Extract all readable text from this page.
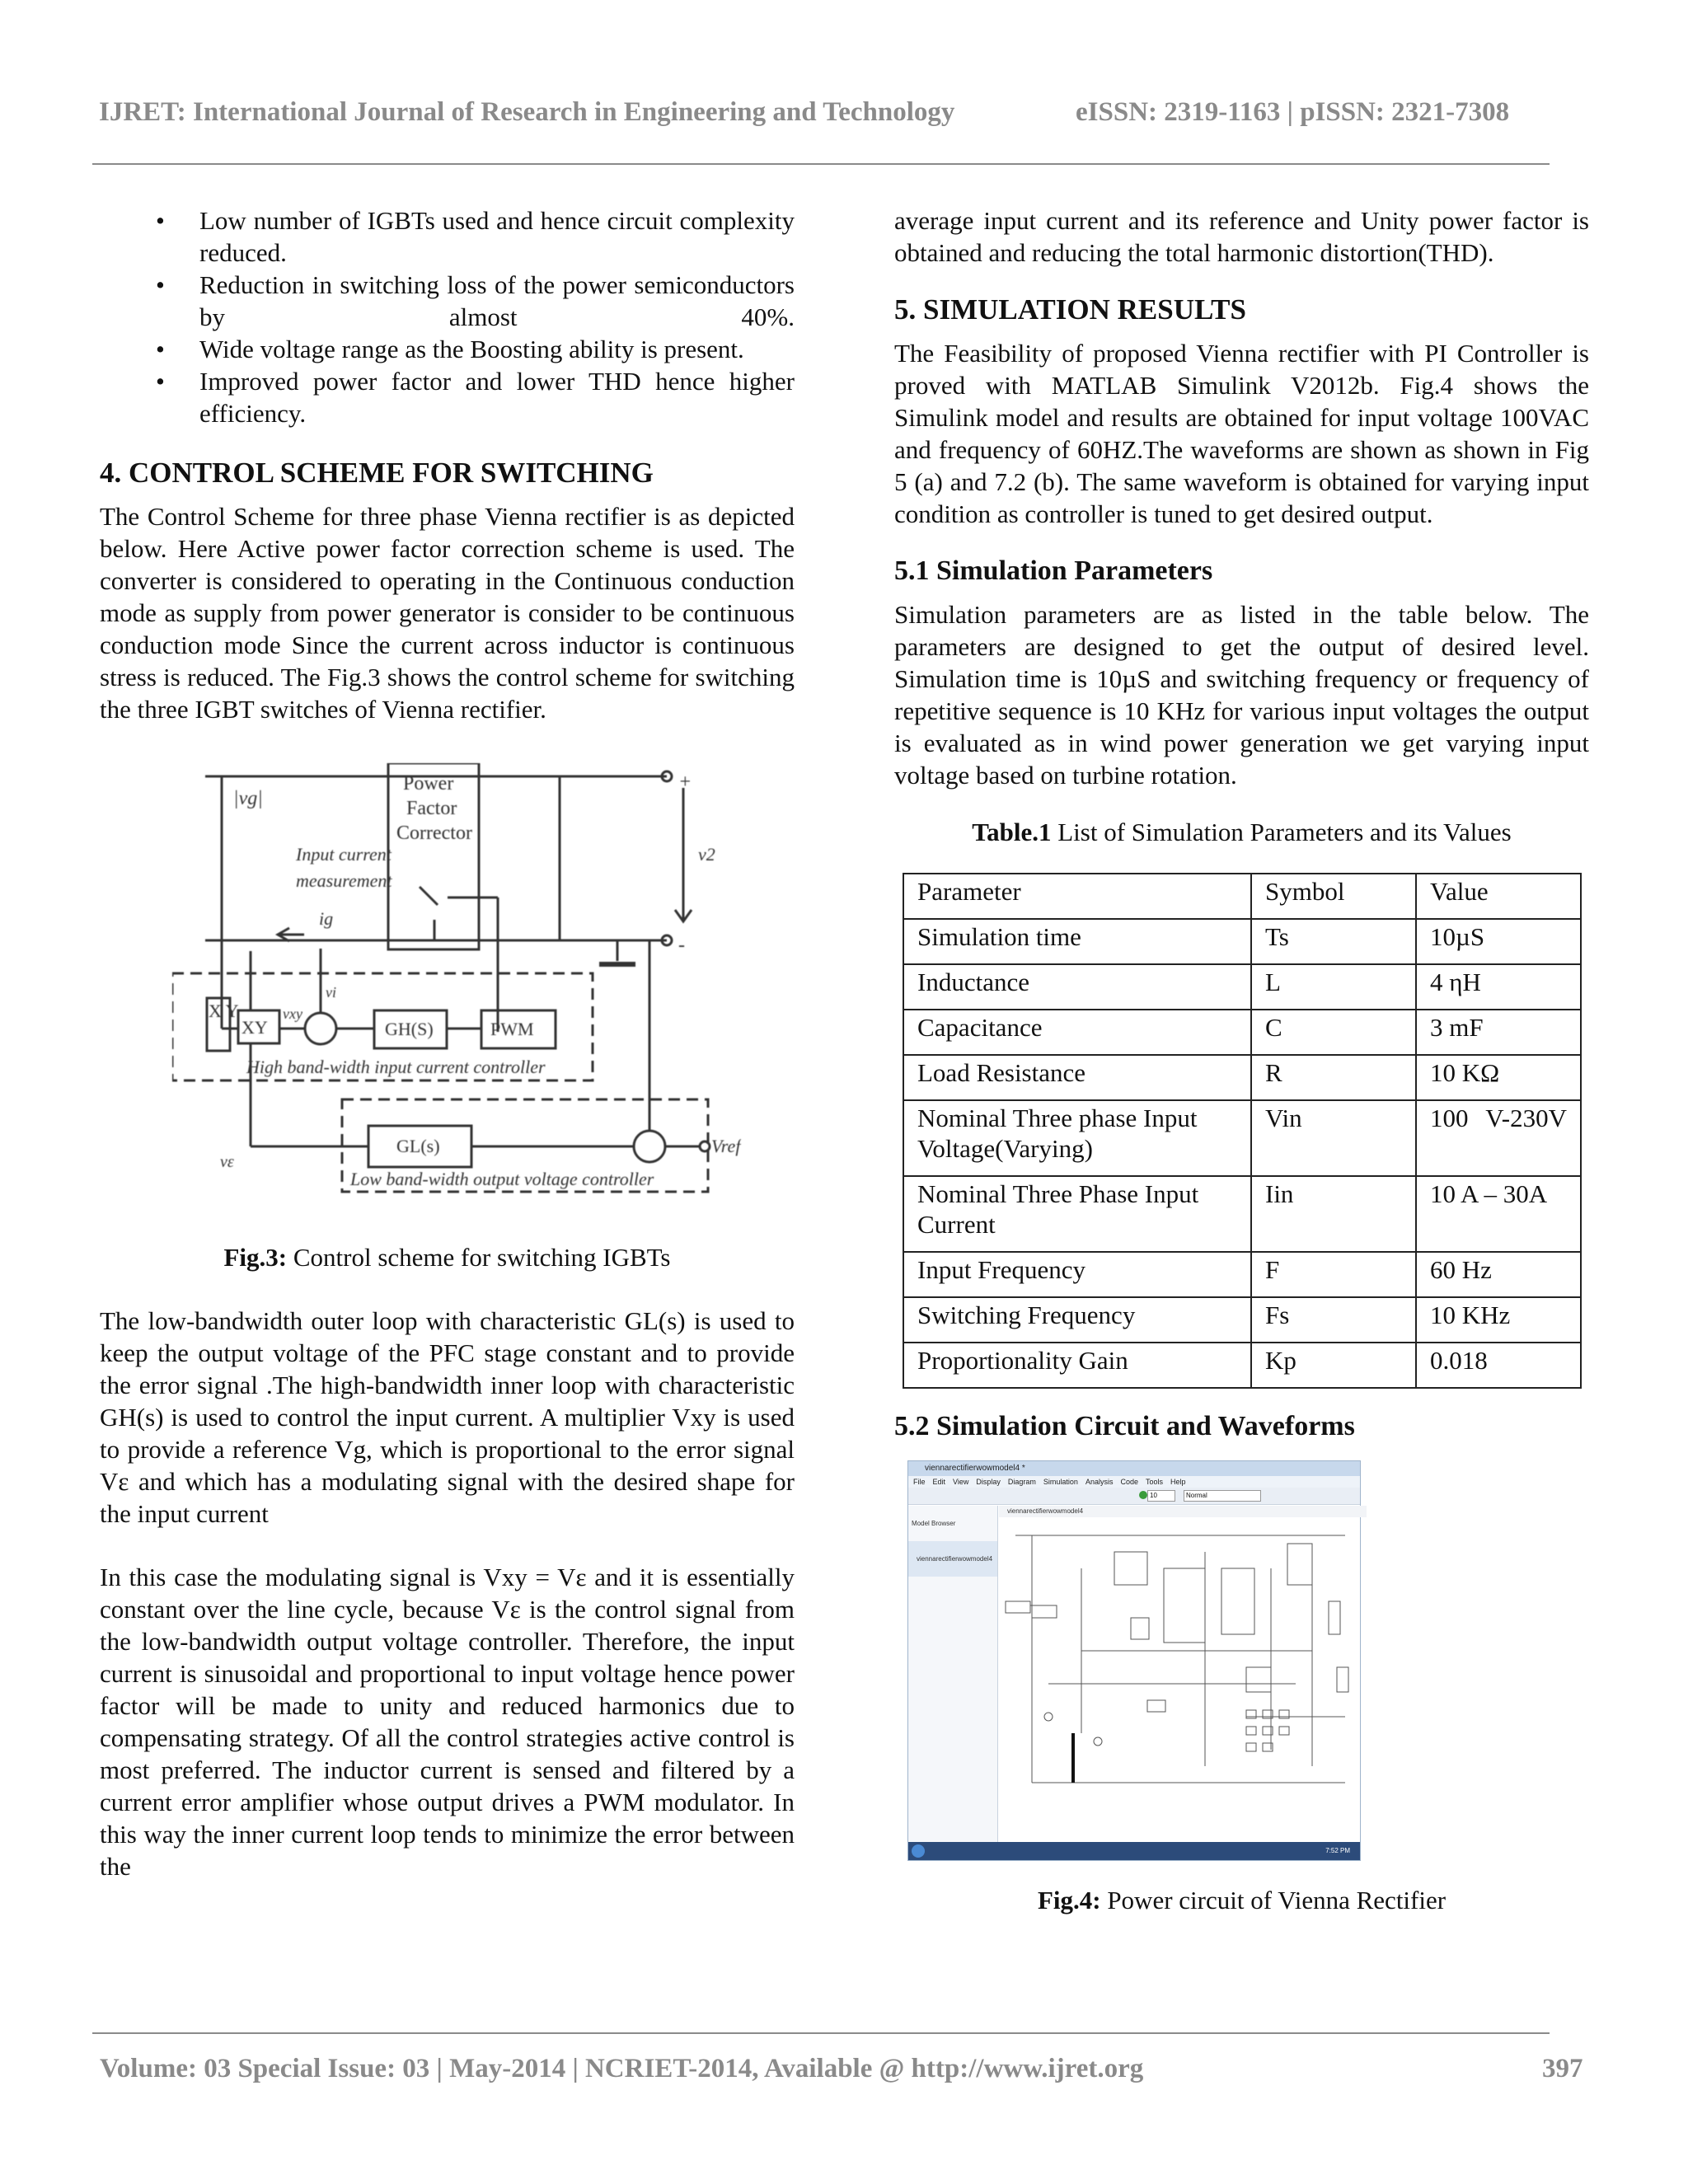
IJRET: International Journal of Research in Engineering and Technology	eISSN: 2319-1163 | pISSN: 2321-7308
• Low number of IGBTs used and hence circuit complexity reduced.
• Reduction in switching loss of the power semiconductors by almost 40%.
• Wide voltage range as the Boosting ability is present.
• Improved power factor and lower THD hence higher efficiency.
4. CONTROL SCHEME FOR SWITCHING

The Control Scheme for three phase Vienna rectifier is as depicted below. Here Active power factor correction scheme is used. The converter is considered to operating in the Continuous conduction mode as supply from power generator is consider to be continuous conduction mode Since the current across inductor is continuous stress is reduced. The Fig.3 shows the control scheme for switching the three IGBT switches of Vienna rectifier.

|vg|
Power Factor Corrector
Input current measurement
ig
+
-
v2
X Y
XY
vxy
vi
GH(S)	PWM
High band-width input current controller
GL(s)
vε
Vref
Low band-width output voltage controller

Fig.3: Control scheme for switching IGBTs

The low-bandwidth outer loop with characteristic GL(s) is used to keep the output voltage of the PFC stage constant and to provide the error signal .The high-bandwidth inner loop with characteristic GH(s) is used to control the input current. A multiplier Vxy is used to provide a reference Vg, which is proportional to the error signal Vε and which has a modulating signal with the desired shape for the input current

In this case the modulating signal is Vxy = Vε and it is essentially constant over the line cycle, because Vε is the control signal from the low-bandwidth output voltage controller. Therefore, the input current is sinusoidal and proportional to input voltage hence power factor will be made to unity and reduced harmonics due to compensating strategy. Of all the control strategies active control is most preferred. The inductor current is sensed and filtered by a current error amplifier whose output drives a PWM modulator. In this way the inner current loop tends to minimize the error between the

average input current and its reference and Unity power factor is obtained and reducing the total harmonic distortion(THD).

5. SIMULATION RESULTS

The Feasibility of proposed Vienna rectifier with PI Controller is proved with MATLAB Simulink V2012b. Fig.4 shows the Simulink model and results are obtained for input voltage 100VAC and frequency of 60HZ.The waveforms are shown as shown in Fig 5 (a) and 7.2 (b). The same waveform is obtained for varying input condition as controller is tuned to get desired output.

5.1 Simulation Parameters

Simulation parameters are as listed in the table below. The parameters are designed to get the output of desired level. Simulation time is 10µS and switching frequency or frequency of repetitive sequence is 10 KHz for various input voltages the output is evaluated as in wind power generation we get varying input voltage based on turbine rotation.

Table.1 List of Simulation Parameters and its Values

Parameter	Symbol	Value
Simulation time	Ts	10µS
Inductance	L	4 ηH
Capacitance	C	3 mF
Load Resistance	R	10 KΩ
Nominal Three phase Input Voltage(Varying)	Vin	100 V-230V
Nominal Three Phase Input Current	Iin	10 A – 30A
Input Frequency	F	60 Hz
Switching Frequency	Fs	10 KHz
Proportionality Gain	Kp	0.018
5.2 Simulation Circuit and Waveforms
viennarectifierwowmodel4 *
File Edit View Display Diagram Simulation Analysis Code Tools Help
10	Normal
Model Browser
viennarectifierwowmodel4
viennarectifierwowmodel4
7:52 PM

Fig.4: Power circuit of Vienna Rectifier

Volume: 03 Special Issue: 03 | May-2014 | NCRIET-2014, Available @ http://www.ijret.org	397
